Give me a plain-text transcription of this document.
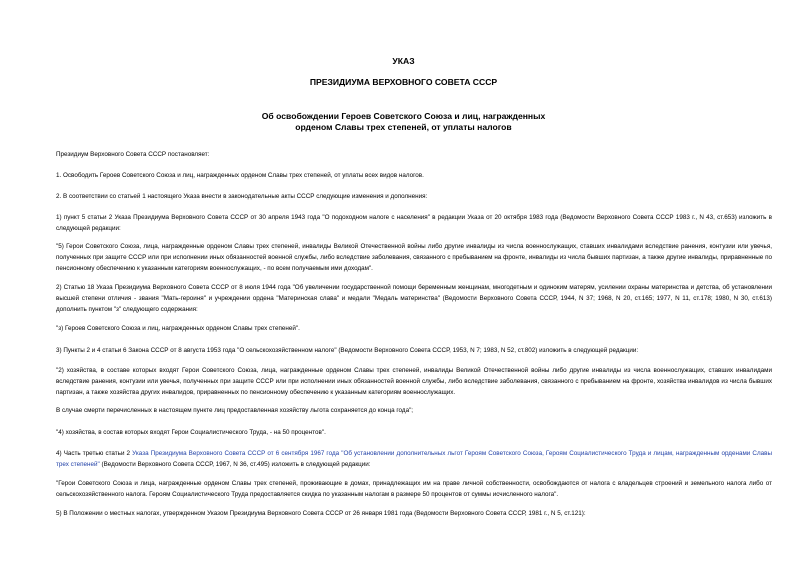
УКАЗ
ПРЕЗИДИУМА ВЕРХОВНОГО СОВЕТА СССР
Об освобождении Героев Советского Союза и лиц, награжденных
орденом Славы трех степеней, от уплаты налогов
Президиум Верховного Совета СССР постановляет:
1. Освободить Героев Советского Союза и лиц, награжденных орденом Славы трех степеней, от уплаты всех видов налогов.
2. В соответствии со статьей 1 настоящего Указа внести в законодательные акты СССР следующие изменения и дополнения:
1) пункт 5 статьи 2 Указа Президиума Верховного Совета СССР от 30 апреля 1943 года "О подоходном налоге с населения" в редакции Указа от 20 октября 1983 года (Ведомости Верховного Совета СССР 1983 г., N 43, ст.653) изложить в следующей редакции:
"5) Герои Советского Союза, лица, награжденные орденом Славы трех степеней, инвалиды Великой Отечественной войны либо другие инвалиды из числа военнослужащих, ставших инвалидами вследствие ранения, контузии или увечья, полученных при защите СССР или при исполнении иных обязанностей военной службы, либо вследствие заболевания, связанного с пребыванием на фронте, инвалиды из числа бывших партизан, а также другие инвалиды, приравненные по пенсионному обеспечению к указанным категориям военнослужащих, - по всем получаемым ими доходам".
2) Статью 18 Указа Президиума Верховного Совета СССР от 8 июля 1944 года "Об увеличении государственной помощи беременным женщинам, многодетным и одиноким матерям, усилении охраны материнства и детства, об установлении высшей степени отличия - звания "Мать-героиня" и учреждении ордена "Материнская слава" и медали "Медаль материнства" (Ведомости Верховного Совета СССР, 1944, N 37; 1968, N 20, ст.165; 1977, N 11, ст.178; 1980, N 30, ст.613) дополнить пунктом "з" следующего содержания:
"з) Героев Советского Союза и лиц, награжденных орденом Славы трех степеней".
3) Пункты 2 и 4 статьи 6 Закона СССР от 8 августа 1953 года "О сельскохозяйственном налоге" (Ведомости Верховного Совета СССР, 1953, N 7; 1983, N 52, ст.802) изложить в следующей редакции:
"2) хозяйства, в составе которых входят Герои Советского Союза, лица, награжденные орденом Славы трех степеней, инвалиды Великой Отечественной войны либо другие инвалиды из числа военнослужащих, ставших инвалидами вследствие ранения, контузии или увечья, полученных при защите СССР или при исполнении иных обязанностей военной службы, либо вследствие заболевания, связанного с пребыванием на фронте, хозяйства инвалидов из числа бывших партизан, а также хозяйства других инвалидов, приравненных по пенсионному обеспечению к указанным категориям военнослужащих.
В случае смерти перечисленных в настоящем пункте лиц предоставленная хозяйству льгота сохраняется до конца года";
"4) хозяйства, в состав которых входят Герои Социалистического Труда, - на 50 процентов".
4) Часть третью статьи 2 Указа Президиума Верховного Совета СССР от 6 сентября 1967 года "Об установлении дополнительных льгот Героям Советского Союза, Героям Социалистического Труда и лицам, награжденным орденами Славы трех степеней" (Ведомости Верховного Совета СССР, 1967, N 36, ст.495) изложить в следующей редакции:
"Герои Советского Союза и лица, награжденные орденом Славы трех степеней, проживающие в домах, принадлежащих им на праве личной собственности, освобождаются от налога с владельцев строений и земельного налога либо от сельскохозяйственного налога. Героям Социалистического Труда предоставляется скидка по указанным налогам в размере 50 процентов от суммы исчисленного налога".
5) В Положении о местных налогах, утвержденном Указом Президиума Верховного Совета СССР от 26 января 1981 года (Ведомости Верховного Совета СССР, 1981 г., N 5, ст.121):
